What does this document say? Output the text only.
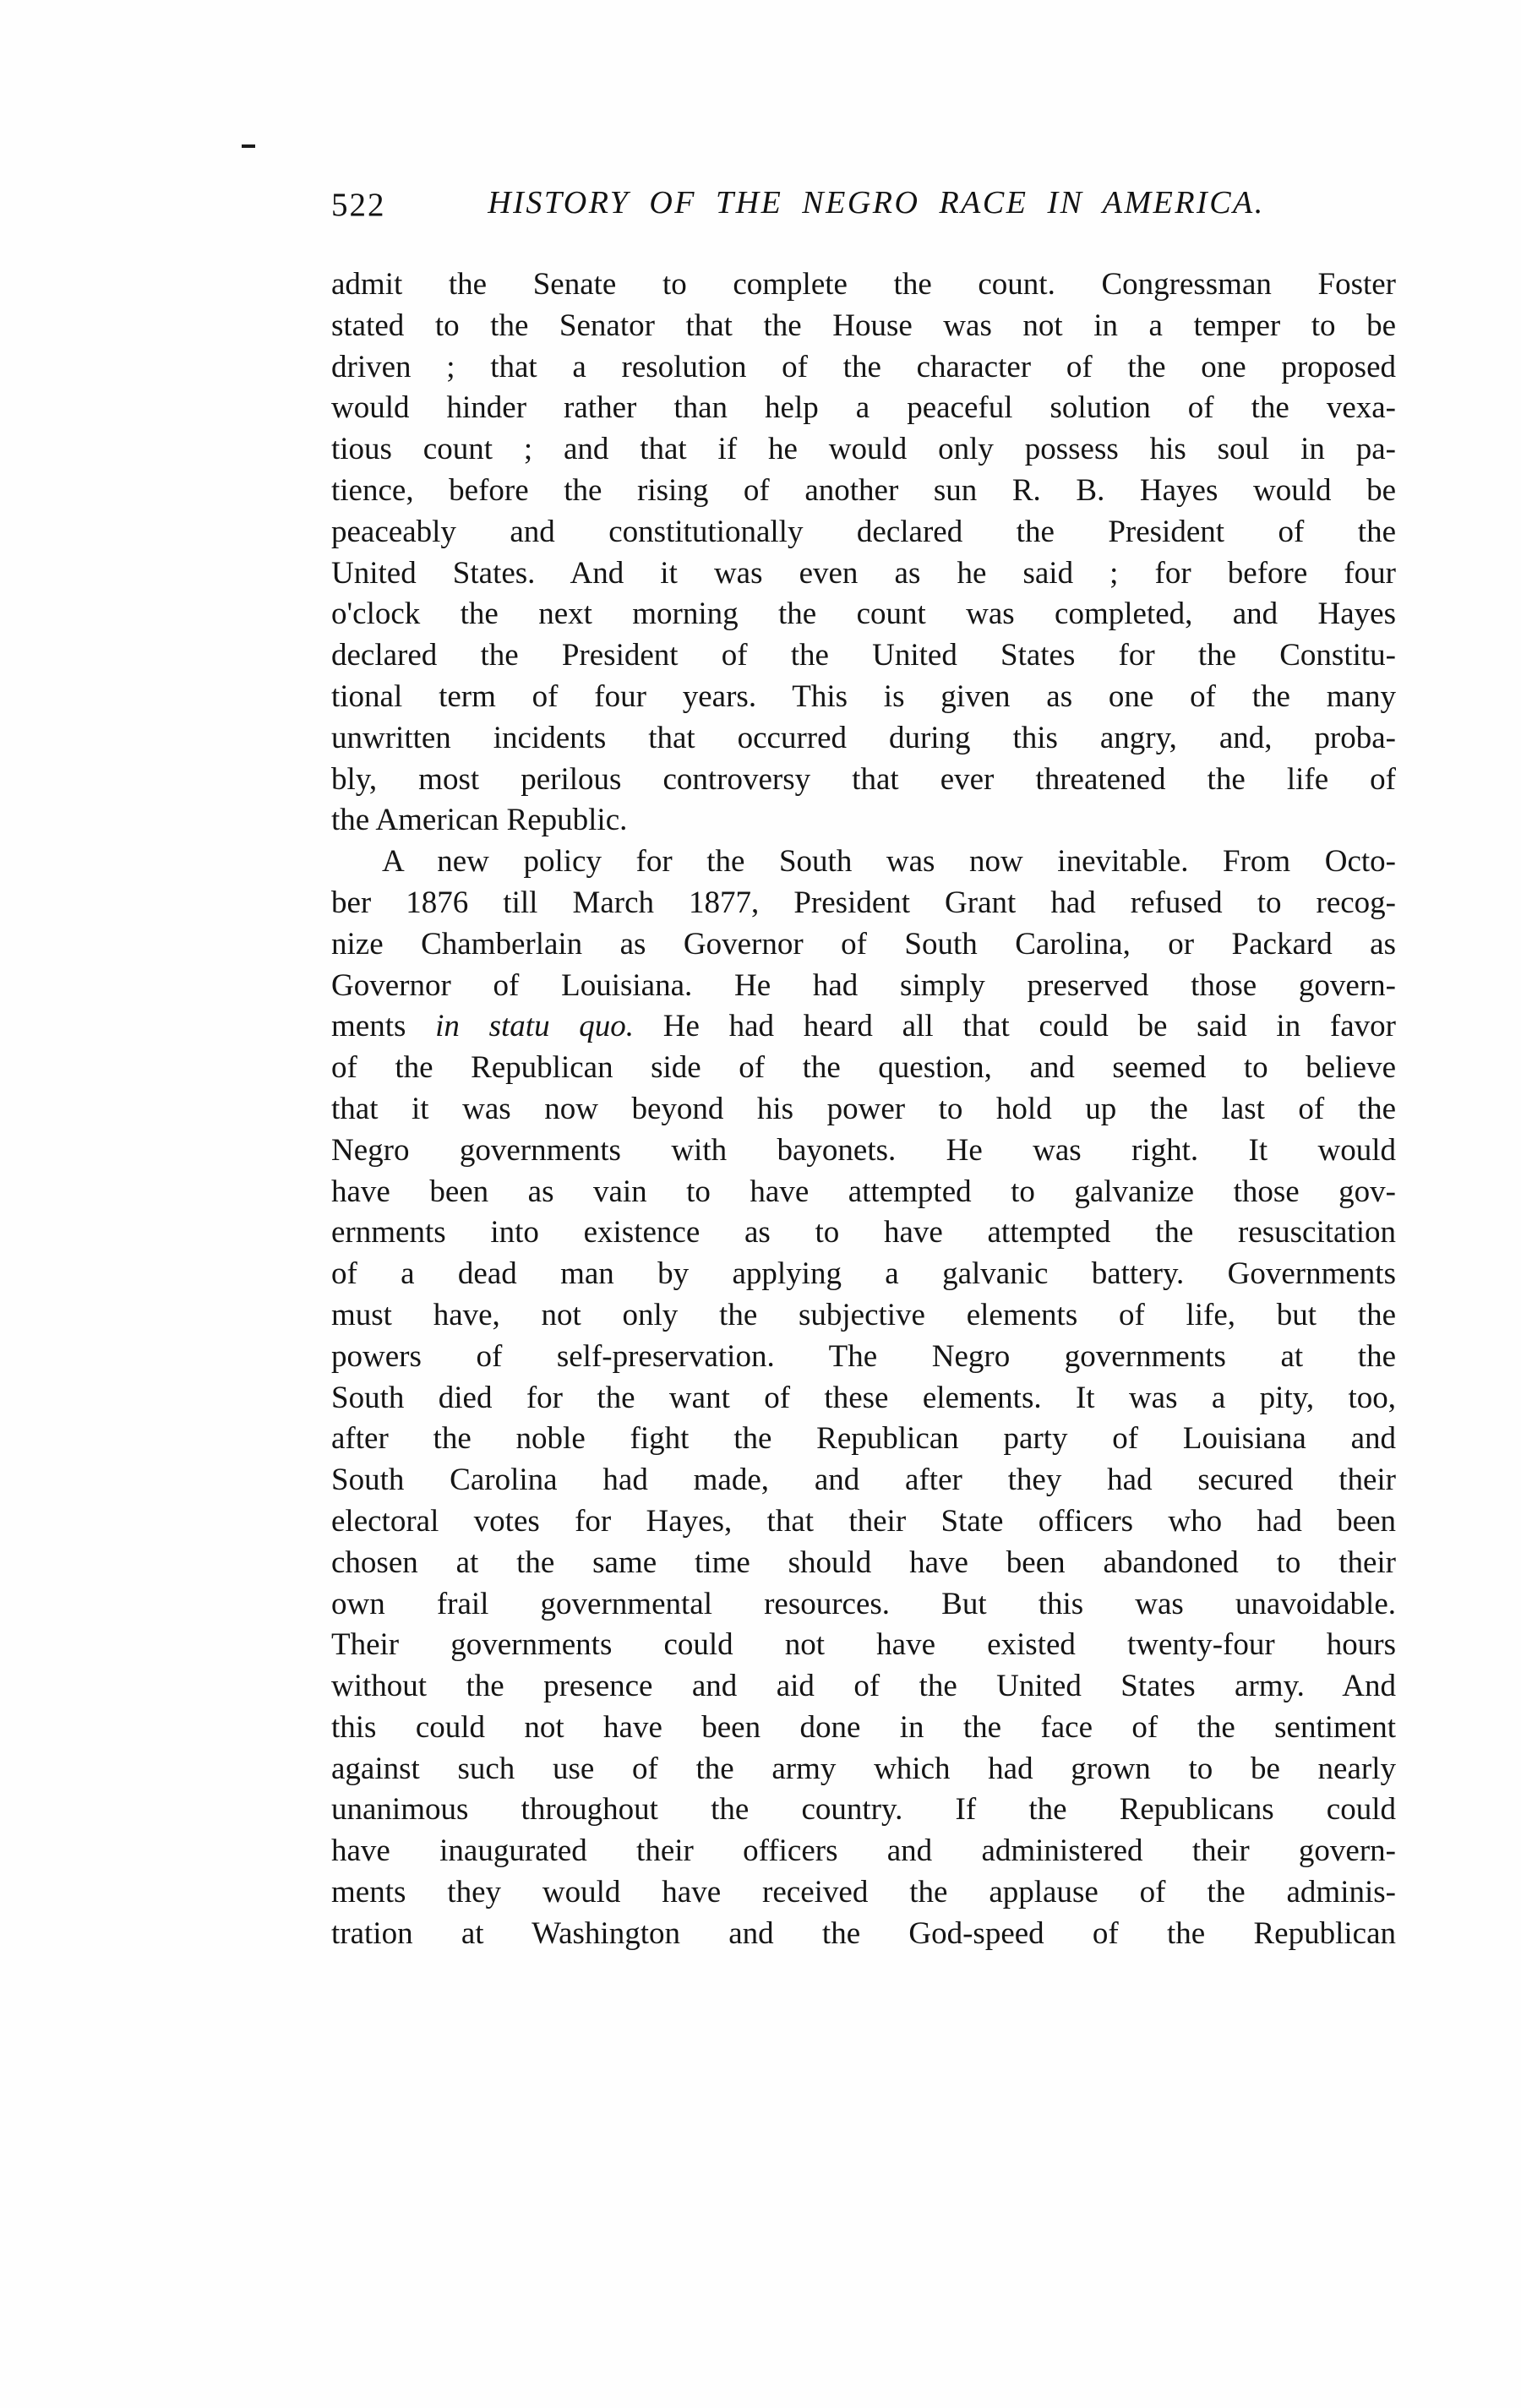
522	HISTORY OF THE NEGRO RACE IN AMERICA.
admit the Senate to complete the count. Congressman Foster
stated to the Senator that the House was not in a temper to be
driven ; that a resolution of the character of the one proposed
would hinder rather than help a peaceful solution of the vexa-
tious count ; and that if he would only possess his soul in pa-
tience, before the rising of another sun R. B. Hayes would be
peaceably and constitutionally declared the President of the
United States. And it was even as he said ; for before four
o'clock the next morning the count was completed, and Hayes
declared the President of the United States for the Constitu-
tional term of four years. This is given as one of the many
unwritten incidents that occurred during this angry, and, proba-
bly, most perilous controversy that ever threatened the life of
the American Republic.
A new policy for the South was now inevitable. From Octo-
ber 1876 till March 1877, President Grant had refused to recog-
nize Chamberlain as Governor of South Carolina, or Packard as
Governor of Louisiana. He had simply preserved those govern-
ments in statu quo. He had heard all that could be said in favor
of the Republican side of the question, and seemed to believe
that it was now beyond his power to hold up the last of the
Negro governments with bayonets. He was right. It would
have been as vain to have attempted to galvanize those gov-
ernments into existence as to have attempted the resuscitation
of a dead man by applying a galvanic battery. Governments
must have, not only the subjective elements of life, but the
powers of self-preservation. The Negro governments at the
South died for the want of these elements. It was a pity, too,
after the noble fight the Republican party of Louisiana and
South Carolina had made, and after they had secured their
electoral votes for Hayes, that their State officers who had been
chosen at the same time should have been abandoned to their
own frail governmental resources. But this was unavoidable.
Their governments could not have existed twenty-four hours
without the presence and aid of the United States army. And
this could not have been done in the face of the sentiment
against such use of the army which had grown to be nearly
unanimous throughout the country. If the Republicans could
have inaugurated their officers and administered their govern-
ments they would have received the applause of the adminis-
tration at Washington and the God-speed of the Republican
